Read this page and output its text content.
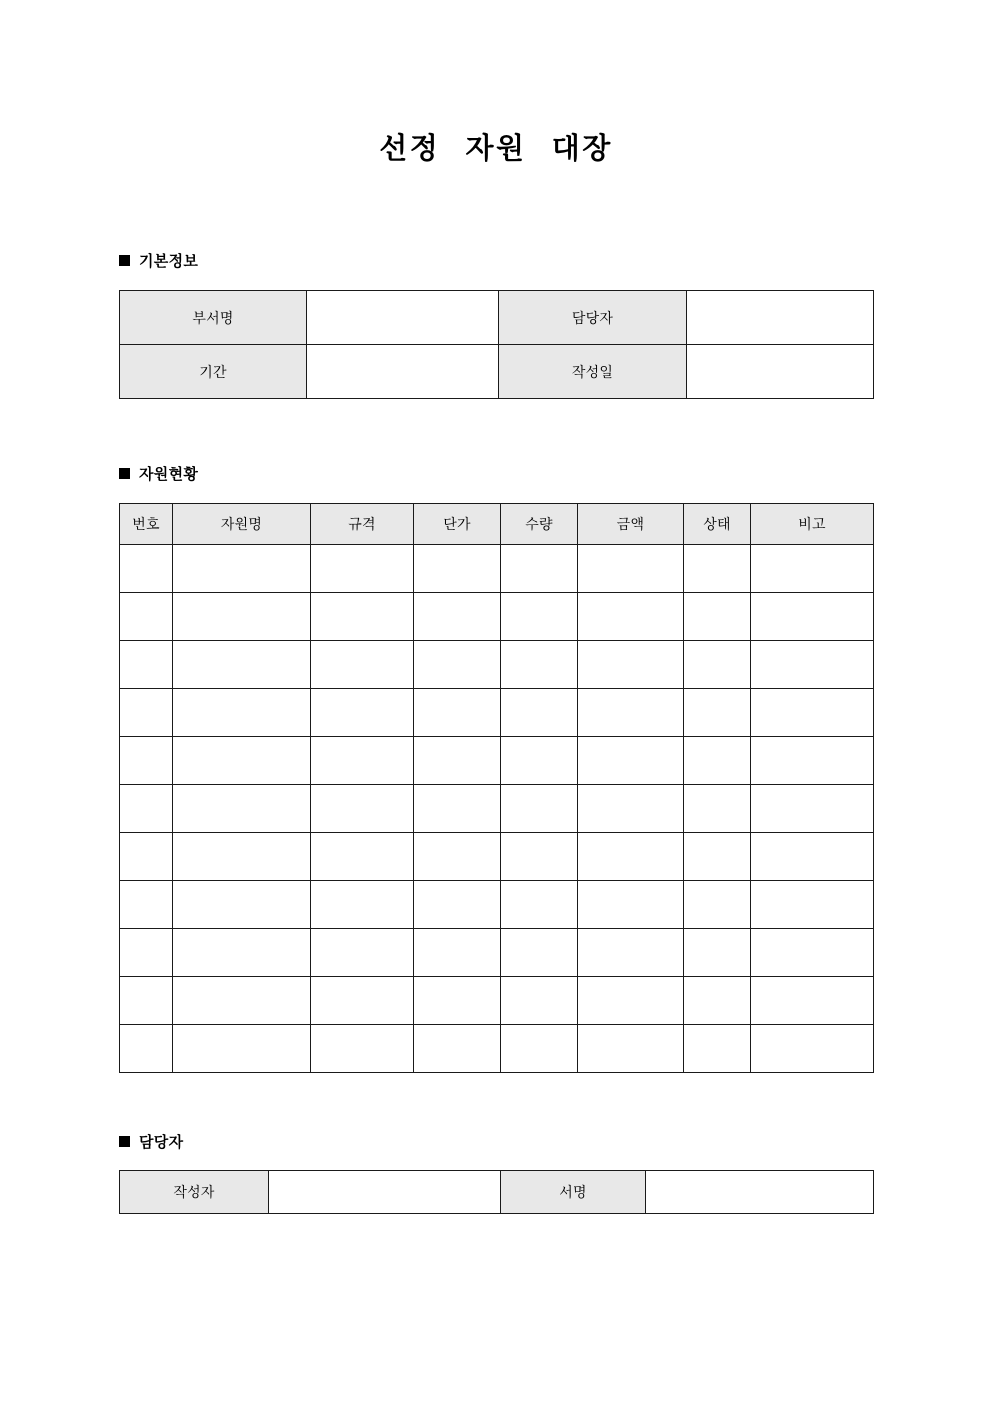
선정  자원  대장
기본정보
부서명		담당자	
기간		작성일	
자원현황
번호	자원명	규격	단가	수량	금액	상태	비고

담당자
작성자		서명	
